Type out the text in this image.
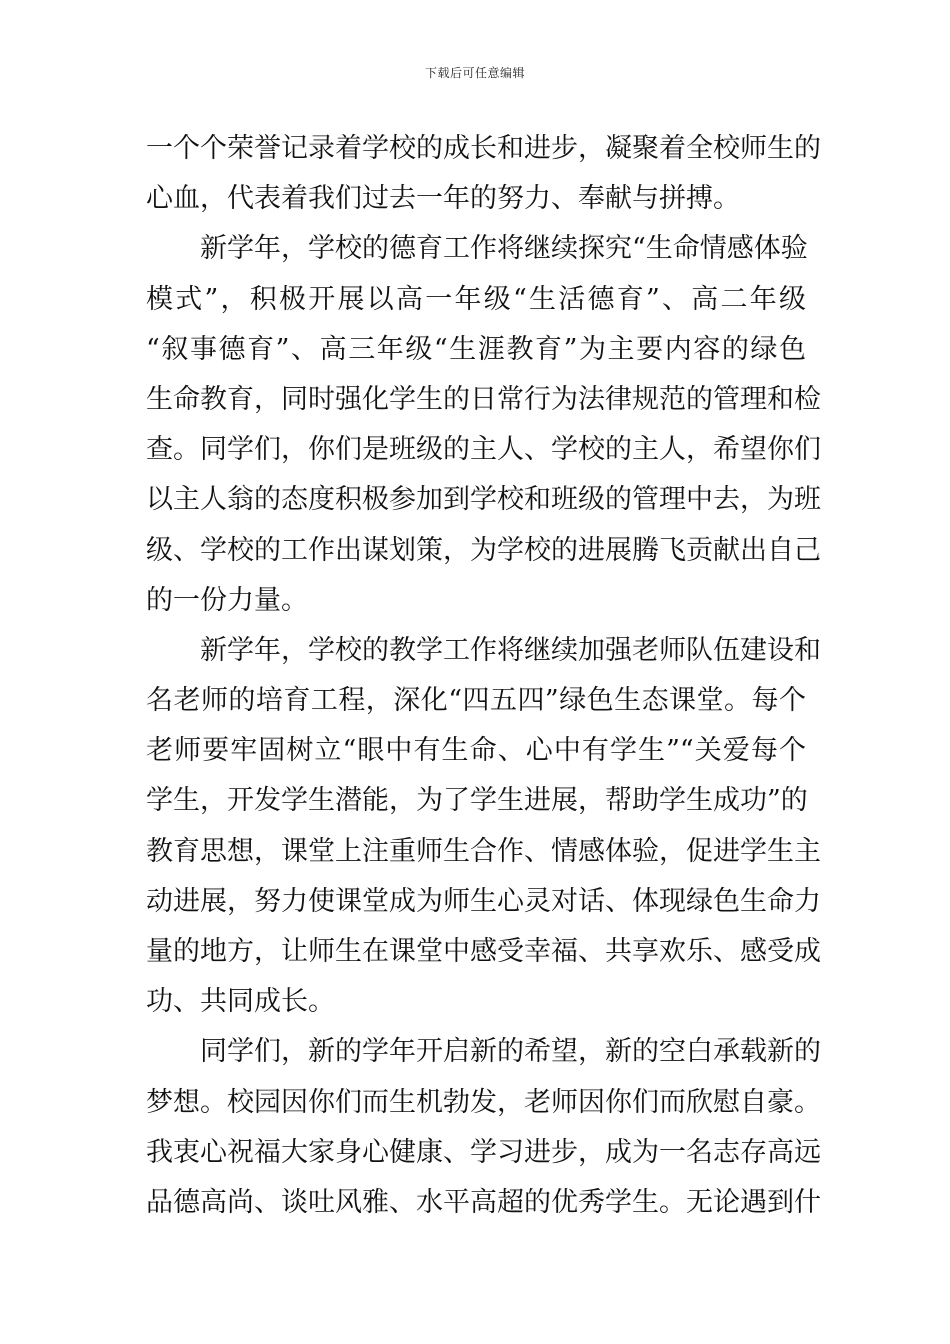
下载后可任意编辑
一个个荣誉记录着学校的成长和进步，凝聚着全校师生的
心血，代表着我们过去一年的努力、奉献与拼搏。
新学年，学校的德育工作将继续探究“生命情感体验
模式”，积极开展以高一年级“生活德育”、高二年级
“叙事德育”、高三年级“生涯教育”为主要内容的绿色
生命教育，同时强化学生的日常行为法律规范的管理和检
查。同学们，你们是班级的主人、学校的主人，希望你们
以主人翁的态度积极参加到学校和班级的管理中去，为班
级、学校的工作出谋划策，为学校的进展腾飞贡献出自己
的一份力量。
新学年，学校的教学工作将继续加强老师队伍建设和
名老师的培育工程，深化“四五四”绿色生态课堂。每个
老师要牢固树立“眼中有生命、心中有学生”“关爱每个
学生，开发学生潜能，为了学生进展，帮助学生成功”的
教育思想，课堂上注重师生合作、情感体验，促进学生主
动进展，努力使课堂成为师生心灵对话、体现绿色生命力
量的地方，让师生在课堂中感受幸福、共享欢乐、感受成
功、共同成长。
同学们，新的学年开启新的希望，新的空白承载新的
梦想。校园因你们而生机勃发，老师因你们而欣慰自豪。
我衷心祝福大家身心健康、学习进步，成为一名志存高远
品德高尚、谈吐风雅、水平高超的优秀学生。无论遇到什
